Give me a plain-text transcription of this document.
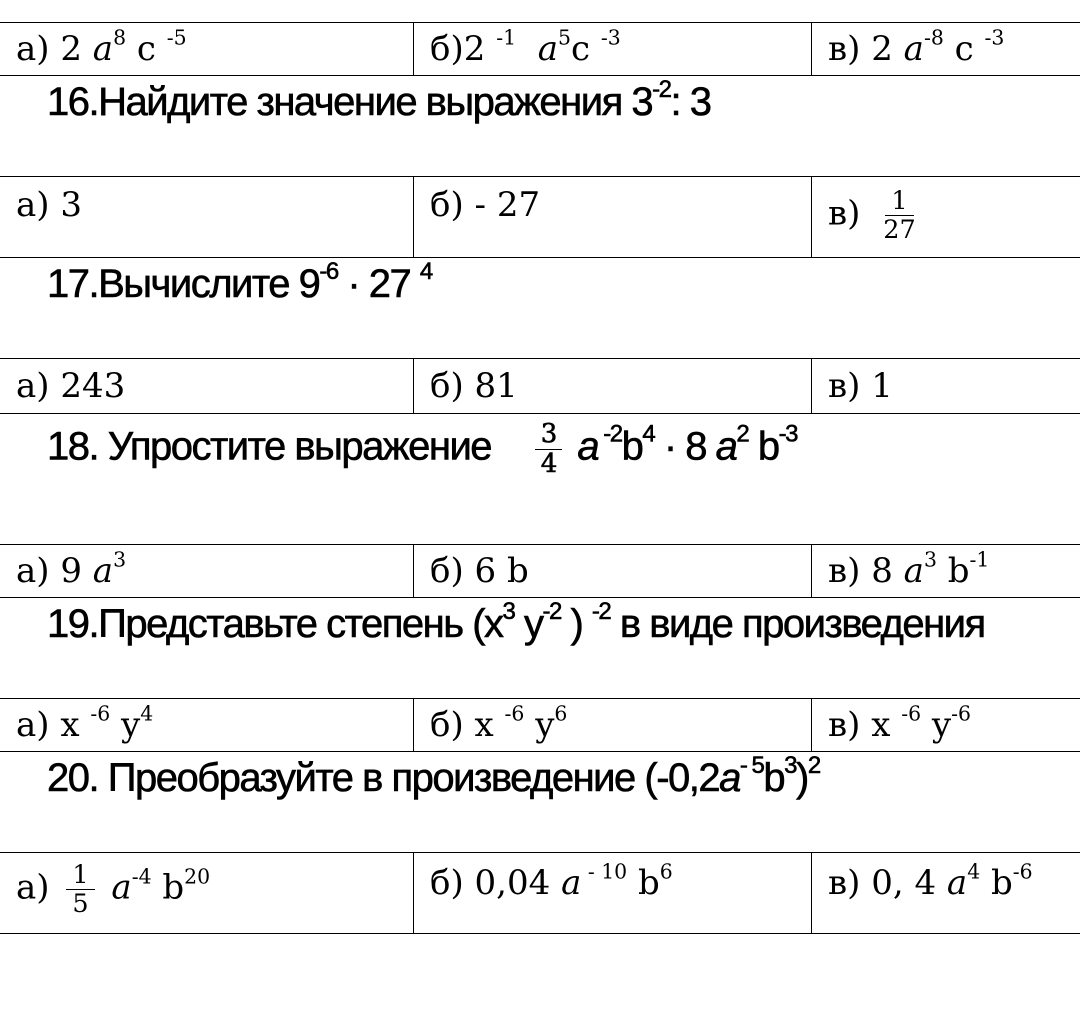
а) 2 $a^8$ c $^{-5}$	б)2 $^{-1}$ $a^5c$ $^{-3}$	в) 2 $a^{-8}$ c $^{-3}$
16.Найдите значение выражения $3^{-2}$: 3
а) 3	б) - 27	$в) \frac{1}{27}$
17.Вычислите $9^{-6} \cdot 27$ $^4$
а) 243	б) 81	в) 1
18. Упростите выражение $\frac{3}{4}$ a $^{-2}b^4 \cdot 8$ $a^2$ $b^{-3}$
а) 9 $a^3$	б) 6 b	в) 8 $a^3$ $b^{-1}$
19.Представьте степень ($x^3$ $y^{-2}$ ) $^{-2}$ в виде произведения
а) x $^{-6}$ $y^4$	б) x $^{-6}$ $y^6$	в) x $^{-6}$ $y^{-6}$
20. Преобразуйте в произведение $(-0,2a^{- 5}b^3)^2$
$а) \frac{1}{5} a^{-4}$ $b^{20}$	б) 0,04 a $^{- 10}$ $b^6$	в) 0, 4 $a^4$ $b^{-6}$
